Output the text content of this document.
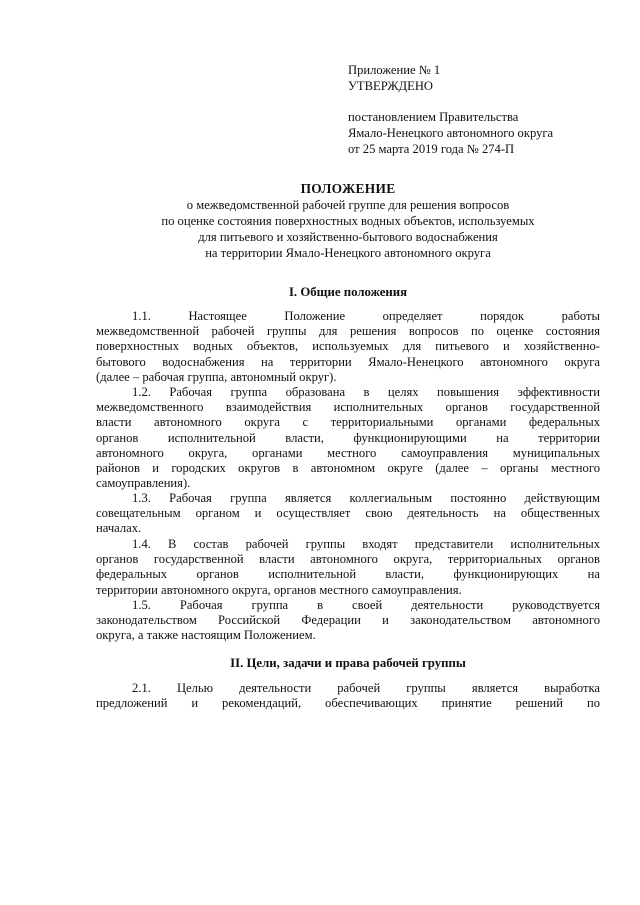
Приложение № 1
УТВЕРЖДЕНО
постановлением Правительства
Ямало-Ненецкого автономного округа
от 25 марта 2019 года № 274-П
ПОЛОЖЕНИЕ
о межведомственной рабочей группе для решения вопросов
по оценке состояния поверхностных водных объектов, используемых
для питьевого и хозяйственно-бытового водоснабжения
на территории Ямало-Ненецкого автономного округа
I. Общие положения
1.1. Настоящее Положение определяет порядок работы
межведомственной рабочей группы для решения вопросов по оценке состояния
поверхностных водных объектов, используемых для питьевого и хозяйственно-
бытового водоснабжения на территории Ямало-Ненецкого автономного округа
(далее – рабочая группа, автономный округ).
1.2. Рабочая группа образована в целях повышения эффективности
межведомственного взаимодействия исполнительных органов государственной
власти автономного округа с территориальными органами федеральных
органов исполнительной власти, функционирующими на территории
автономного округа, органами местного самоуправления муниципальных
районов и городских округов в автономном округе (далее – органы местного
самоуправления).
1.3. Рабочая группа является коллегиальным постоянно действующим
совещательным органом и осуществляет свою деятельность на общественных
началах.
1.4. В состав рабочей группы входят представители исполнительных
органов государственной власти автономного округа, территориальных органов
федеральных органов исполнительной власти, функционирующих на
территории автономного округа, органов местного самоуправления.
1.5. Рабочая группа в своей деятельности руководствуется
законодательством Российской Федерации и законодательством автономного
округа, а также настоящим Положением.
II. Цели, задачи и права рабочей группы
2.1. Целью деятельности рабочей группы является выработка
предложений и рекомендаций, обеспечивающих принятие решений по
